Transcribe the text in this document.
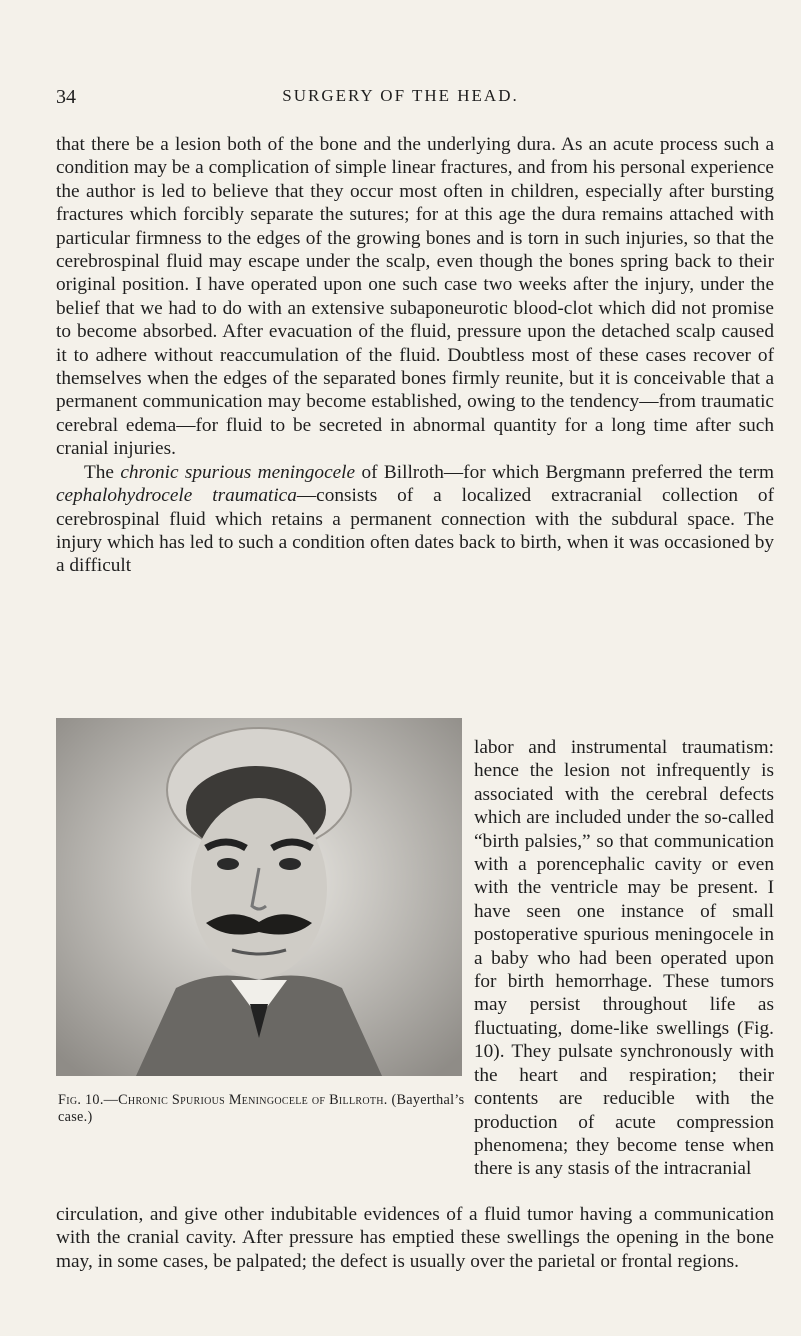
34	SURGERY OF THE HEAD.

that there be a lesion both of the bone and the underlying dura. As an acute process such a condition may be a complication of simple linear fractures, and from his personal experience the author is led to believe that they occur most often in children, especially after bursting fractures which forcibly separate the sutures; for at this age the dura remains attached with particular firmness to the edges of the growing bones and is torn in such injuries, so that the cerebrospinal fluid may escape under the scalp, even though the bones spring back to their original position. I have operated upon one such case two weeks after the injury, under the belief that we had to do with an extensive subaponeurotic blood-clot which did not promise to become absorbed. After evacuation of the fluid, pressure upon the detached scalp caused it to adhere without reaccumulation of the fluid. Doubtless most of these cases recover of themselves when the edges of the separated bones firmly reunite, but it is conceivable that a permanent communication may become established, owing to the tendency—from traumatic cerebral edema—for fluid to be secreted in abnormal quantity for a long time after such cranial injuries.

The chronic spurious meningocele of Billroth—for which Bergmann preferred the term cephalohydrocele traumatica—consists of a localized extracranial collection of cerebrospinal fluid which retains a permanent connection with the subdural space. The injury which has led to such a condition often dates back to birth, when it was occasioned by a difficult

Fig. 10.—Chronic Spurious Meningocele of Billroth. (Bayerthal’s case.)
labor and instrumental traumatism: hence the lesion not infrequently is associated with the cerebral defects which are included under the so-called “birth palsies,” so that communication with a porencephalic cavity or even with the ventricle may be present. I have seen one instance of small postoperative spurious meningocele in a baby who had been operated upon for birth hemorrhage. These tumors may persist throughout life as fluctuating, dome-like swellings (Fig. 10). They pulsate synchronously with the heart and respiration; their contents are reducible with the production of acute compression phenomena; they become tense when there is any stasis of the intracranial
circulation, and give other indubitable evidences of a fluid tumor having a communication with the cranial cavity. After pressure has emptied these swellings the opening in the bone may, in some cases, be palpated; the defect is usually over the parietal or frontal regions.
